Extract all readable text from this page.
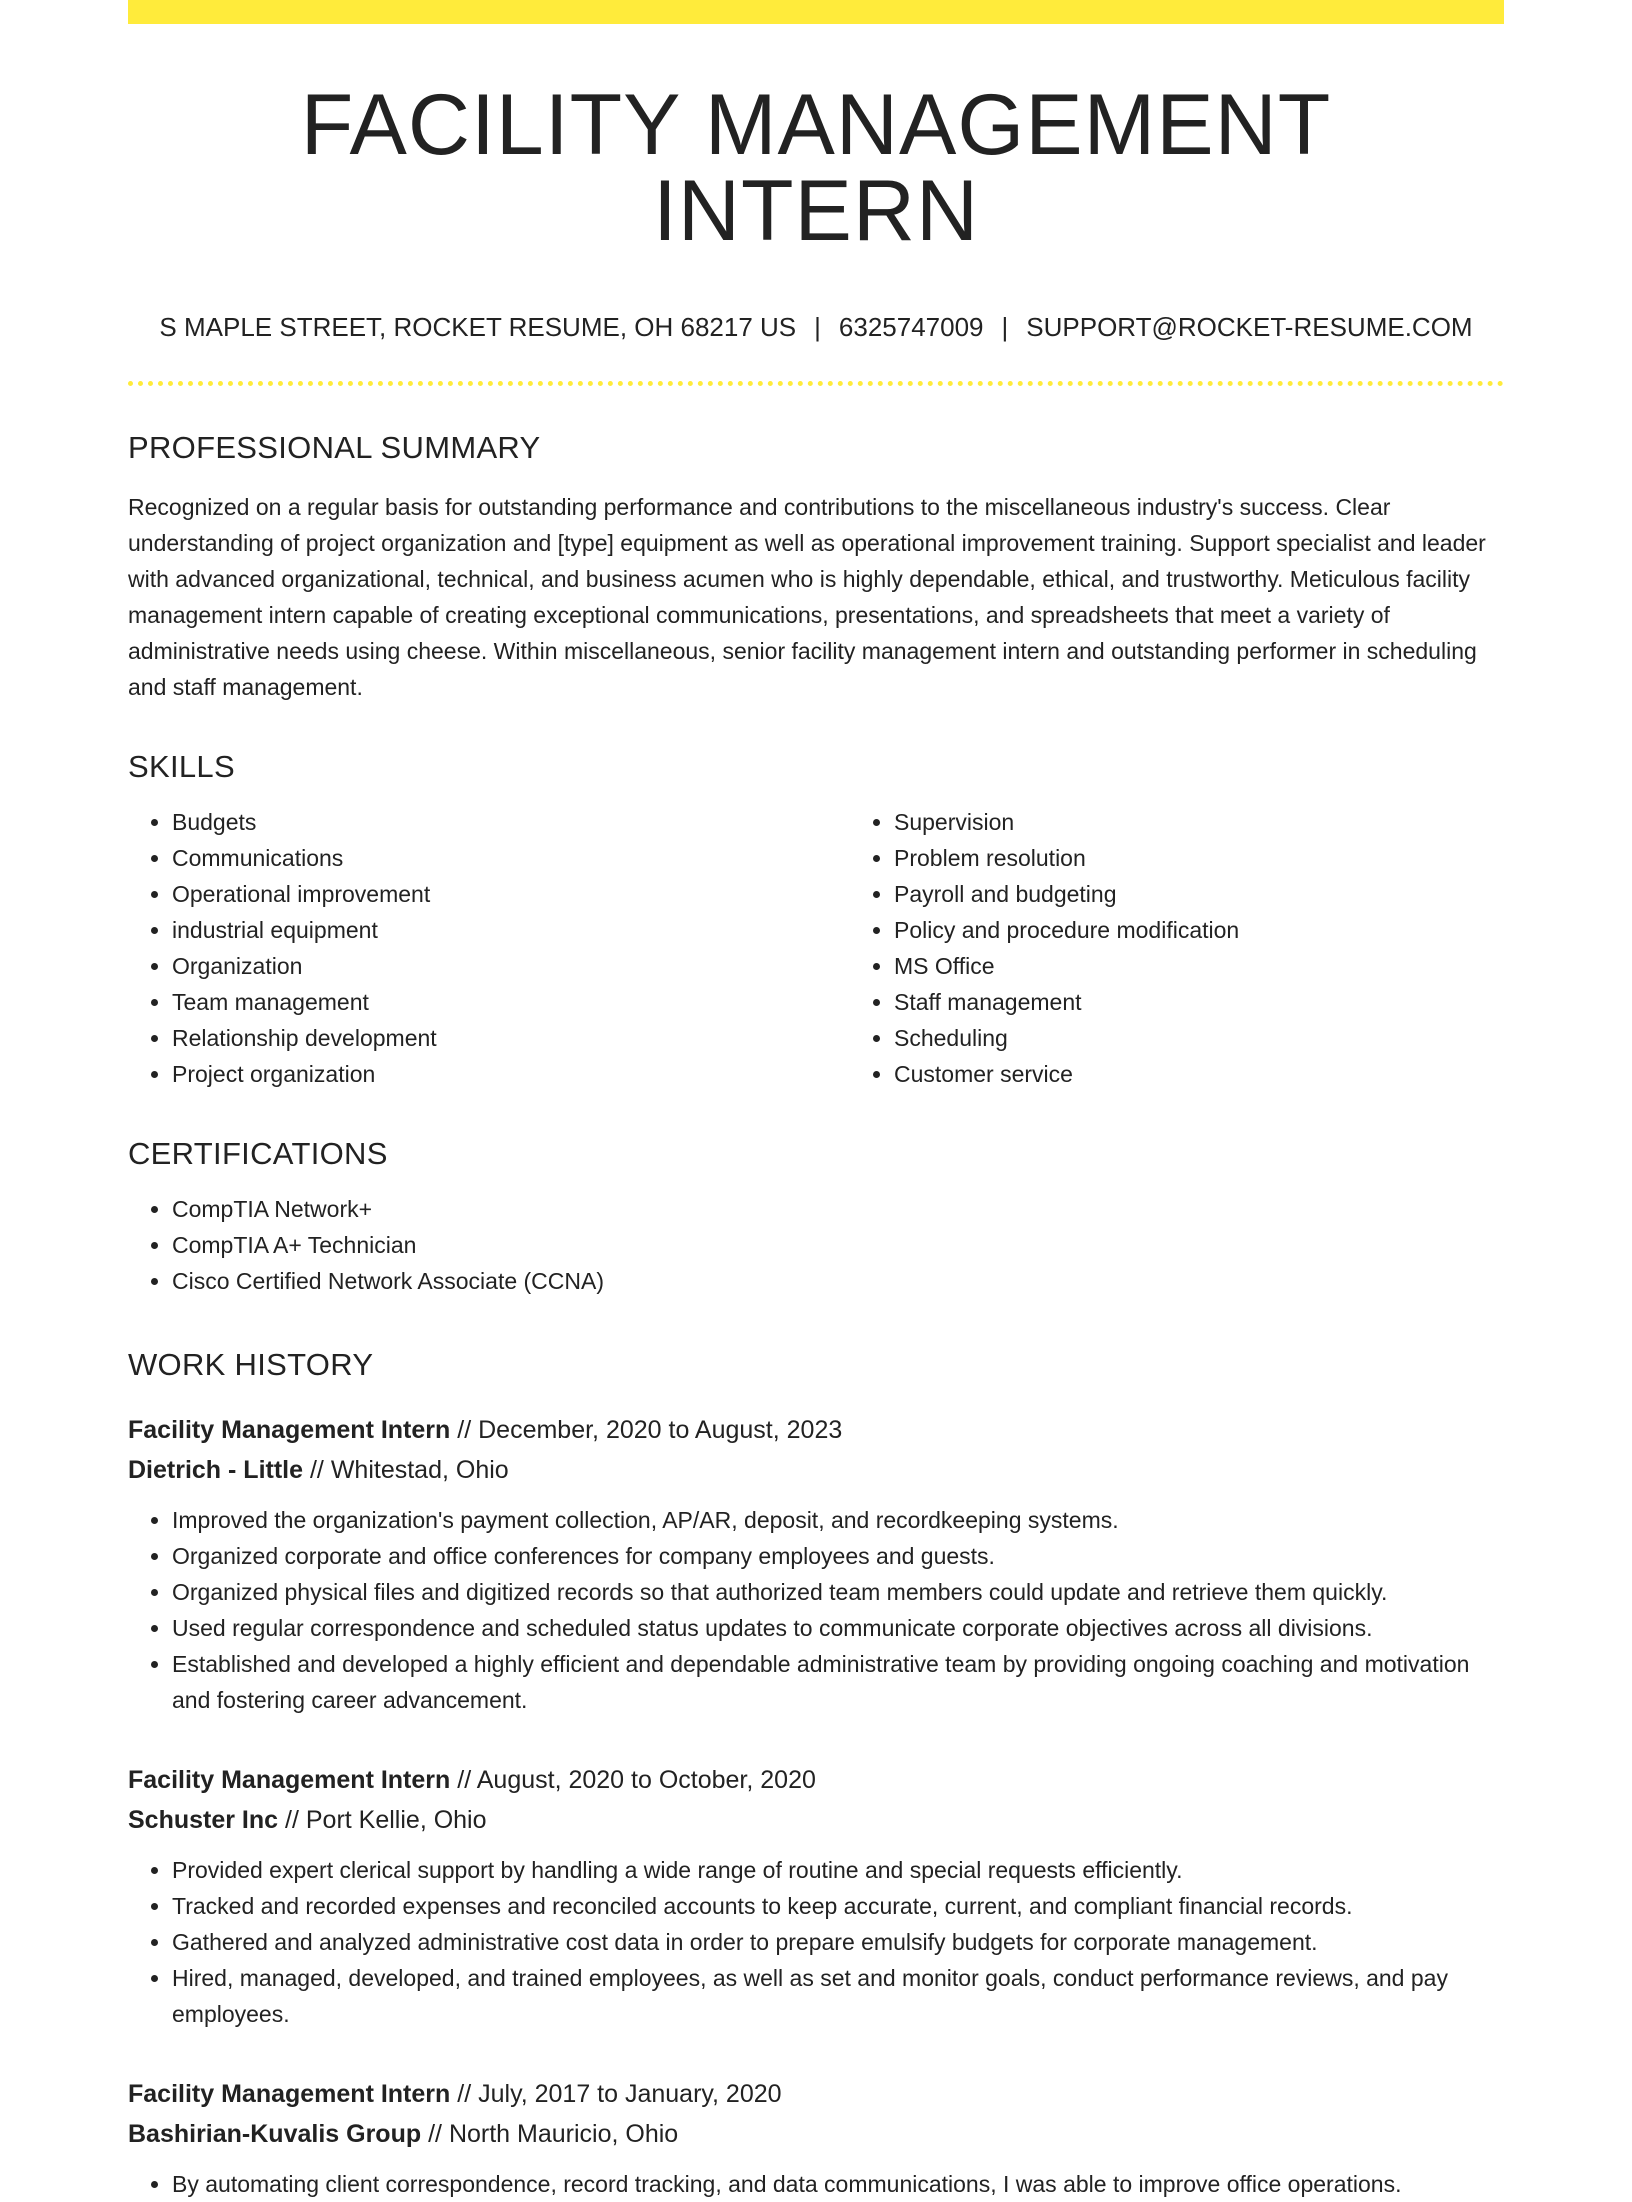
FACILITY MANAGEMENT INTERN
S MAPLE STREET, ROCKET RESUME, OH 68217 US | 6325747009 | SUPPORT@ROCKET-RESUME.COM
PROFESSIONAL SUMMARY

Recognized on a regular basis for outstanding performance and contributions to the miscellaneous industry's success. Clear understanding of project organization and [type] equipment as well as operational improvement training. Support specialist and leader with advanced organizational, technical, and business acumen who is highly dependable, ethical, and trustworthy. Meticulous facility management intern capable of creating exceptional communications, presentations, and spreadsheets that meet a variety of administrative needs using cheese. Within miscellaneous, senior facility management intern and outstanding performer in scheduling and staff management.

SKILLS
• Budgets
• Communications
• Operational improvement
• industrial equipment
• Organization
• Team management
• Relationship development
• Project organization
• Supervision
• Problem resolution
• Payroll and budgeting
• Policy and procedure modification
• MS Office
• Staff management
• Scheduling
• Customer service
CERTIFICATIONS
• CompTIA Network+
• CompTIA A+ Technician
• Cisco Certified Network Associate (CCNA)
WORK HISTORY
Facility Management Intern // December, 2020 to August, 2023
Dietrich - Little // Whitestad, Ohio
• Improved the organization's payment collection, AP/AR, deposit, and recordkeeping systems.
• Organized corporate and office conferences for company employees and guests.
• Organized physical files and digitized records so that authorized team members could update and retrieve them quickly.
• Used regular correspondence and scheduled status updates to communicate corporate objectives across all divisions.
• Established and developed a highly efficient and dependable administrative team by providing ongoing coaching and motivation and fostering career advancement.
Facility Management Intern // August, 2020 to October, 2020
Schuster Inc // Port Kellie, Ohio
• Provided expert clerical support by handling a wide range of routine and special requests efficiently.
• Tracked and recorded expenses and reconciled accounts to keep accurate, current, and compliant financial records.
• Gathered and analyzed administrative cost data in order to prepare emulsify budgets for corporate management.
• Hired, managed, developed, and trained employees, as well as set and monitor goals, conduct performance reviews, and pay employees.
Facility Management Intern // July, 2017 to January, 2020
Bashirian-Kuvalis Group // North Mauricio, Ohio
• By automating client correspondence, record tracking, and data communications, I was able to improve office operations.
